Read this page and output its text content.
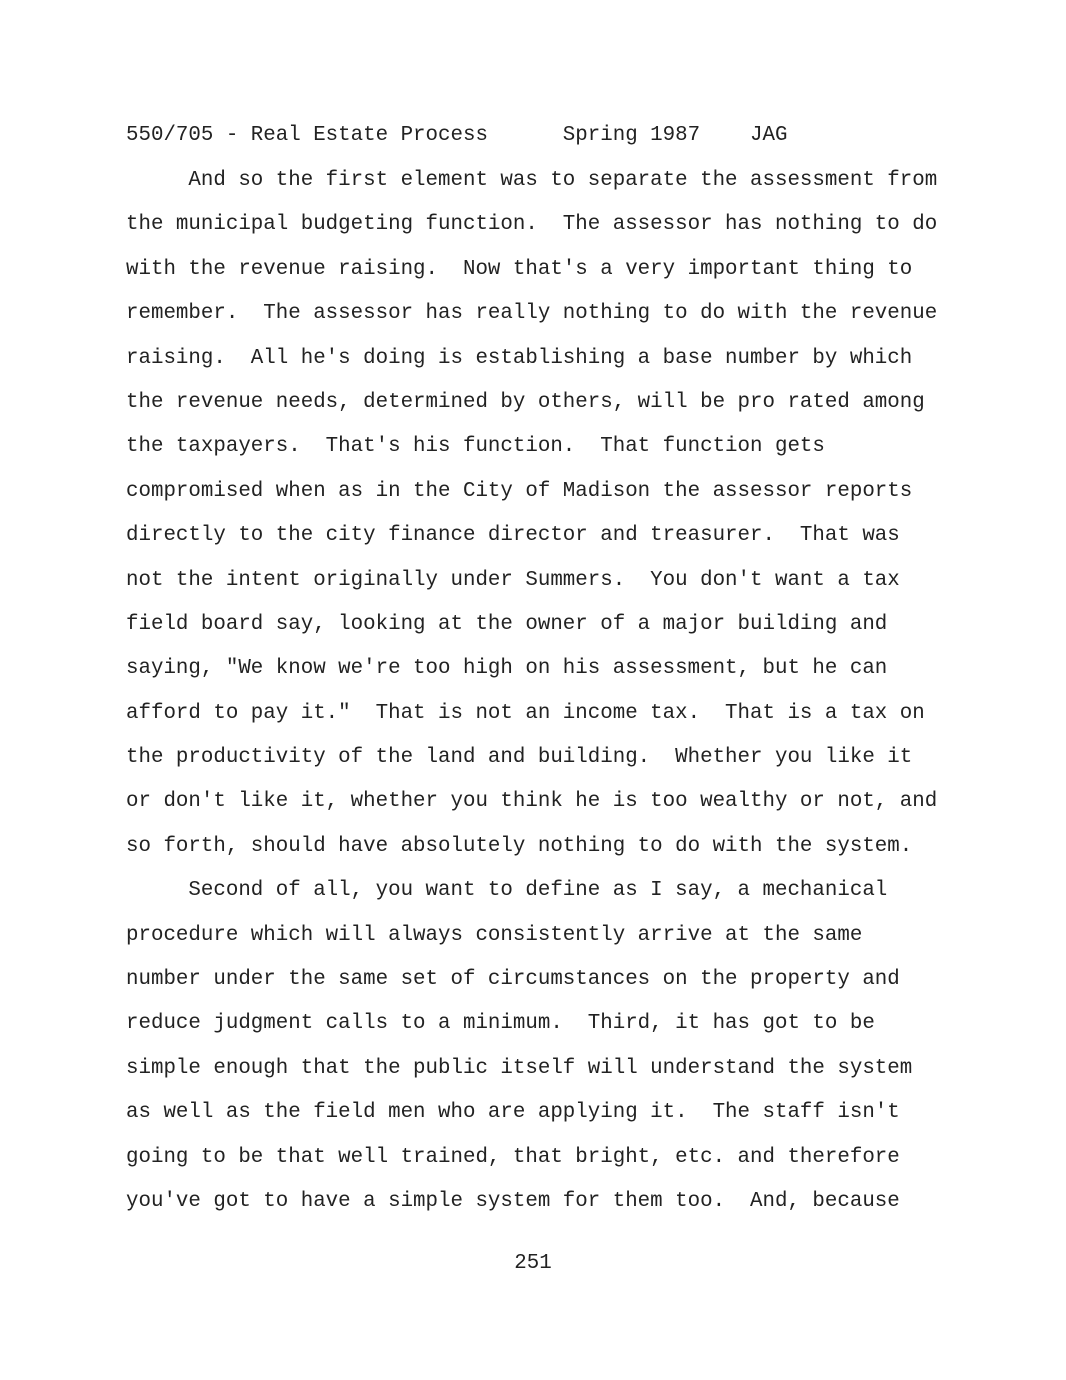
550/705 - Real Estate Process      Spring 1987    JAG
And so the first element was to separate the assessment from
the municipal budgeting function.  The assessor has nothing to do
with the revenue raising.  Now that's a very important thing to
remember.  The assessor has really nothing to do with the revenue
raising.  All he's doing is establishing a base number by which
the revenue needs, determined by others, will be pro rated among
the taxpayers.  That's his function.  That function gets
compromised when as in the City of Madison the assessor reports
directly to the city finance director and treasurer.  That was
not the intent originally under Summers.  You don't want a tax
field board say, looking at the owner of a major building and
saying, "We know we're too high on his assessment, but he can
afford to pay it."  That is not an income tax.  That is a tax on
the productivity of the land and building.  Whether you like it
or don't like it, whether you think he is too wealthy or not, and
so forth, should have absolutely nothing to do with the system.
Second of all, you want to define as I say, a mechanical
procedure which will always consistently arrive at the same
number under the same set of circumstances on the property and
reduce judgment calls to a minimum.  Third, it has got to be
simple enough that the public itself will understand the system
as well as the field men who are applying it.  The staff isn't
going to be that well trained, that bright, etc. and therefore
you've got to have a simple system for them too.  And, because
251
